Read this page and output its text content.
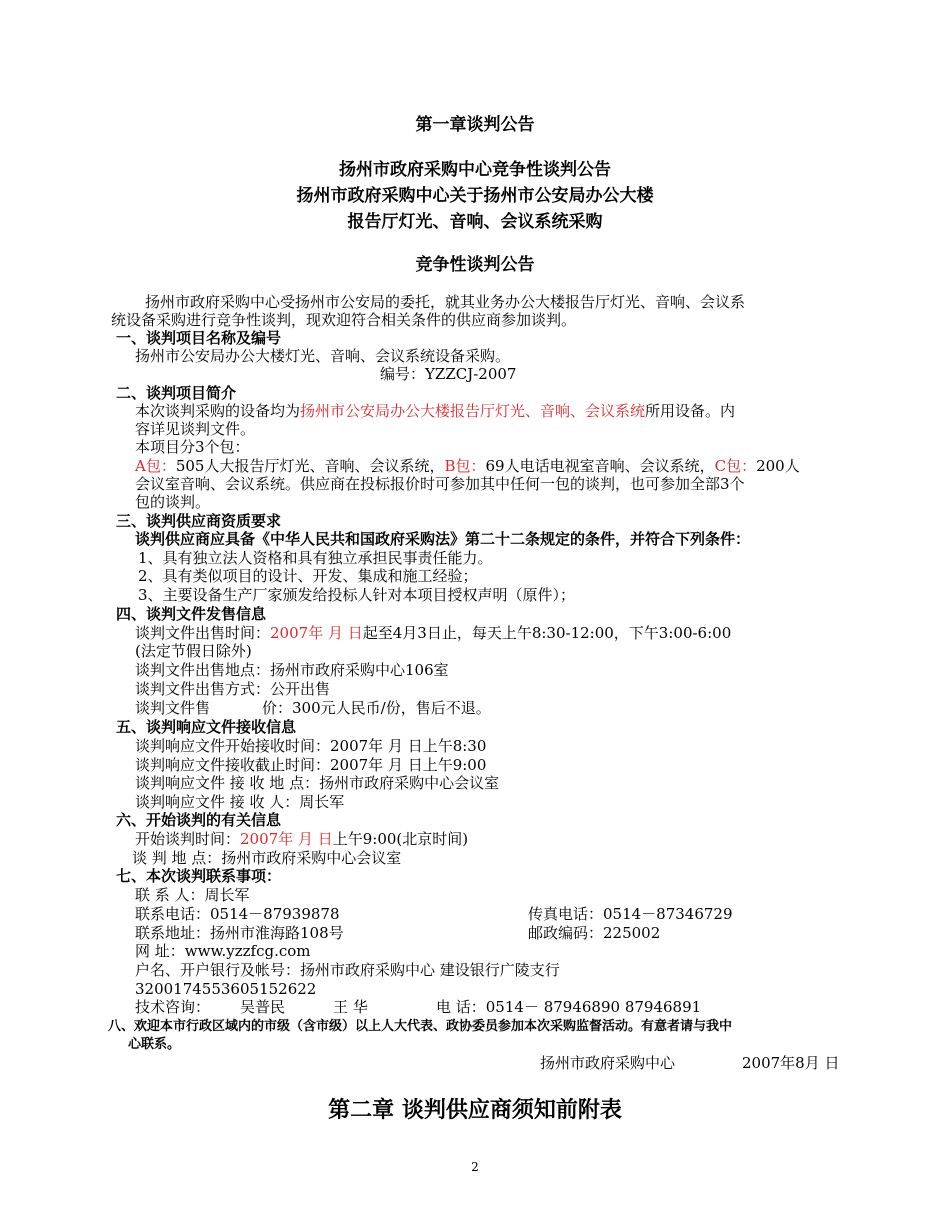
第一章谈判公告
扬州市政府采购中心竞争性谈判公告
扬州市政府采购中心关于扬州市公安局办公大楼
报告厅灯光、音响、会议系统采购
竞争性谈判公告
扬州市政府采购中心受扬州市公安局的委托，就其业务办公大楼报告厅灯光、音响、会议系
统设备采购进行竞争性谈判，现欢迎符合相关条件的供应商参加谈判。
一、谈判项目名称及编号
扬州市公安局办公大楼灯光、音响、会议系统设备采购。
编号：YZZCJ-2007
二、谈判项目简介
本次谈判采购的设备均为扬州市公安局办公大楼报告厅灯光、音响、会议系统所用设备。内
容详见谈判文件。
本项目分3个包：
A包：505人大报告厅灯光、音响、会议系统，B包：69人电话电视室音响、会议系统，C包：200人
会议室音响、会议系统。供应商在投标报价时可参加其中任何一包的谈判，也可参加全部3个
包的谈判。
三、谈判供应商资质要求
谈判供应商应具备《中华人民共和国政府采购法》第二十二条规定的条件，并符合下列条件：
1、具有独立法人资格和具有独立承担民事责任能力。
2、具有类似项目的设计、开发、集成和施工经验；
3、主要设备生产厂家颁发给投标人针对本项目授权声明（原件）；
四、谈判文件发售信息
谈判文件出售时间：2007年 月 日起至4月3日止，每天上午8:30-12:00，下午3:00-6:00
(法定节假日除外)
谈判文件出售地点：扬州市政府采购中心106室
谈判文件出售方式：公开出售
谈判文件售	价：300元人民币/份，售后不退。
五、谈判响应文件接收信息
谈判响应文件开始接收时间：2007年 月 日上午8:30
谈判响应文件接收截止时间：2007年 月 日上午9:00
谈判响应文件 接 收 地 点：扬州市政府采购中心会议室
谈判响应文件 接 收 人：周长军
六、开始谈判的有关信息
开始谈判时间：2007年 月 日上午9:00(北京时间)
谈 判 地 点：扬州市政府采购中心会议室
七、本次谈判联系事项：
联 系 人：周长军
联系电话：0514－87939878	传真电话：0514－87346729
联系地址：扬州市淮海路108号	邮政编码：225002
网 址：www.yzzfcg.com
户名、开户银行及帐号：扬州市政府采购中心 建设银行广陵支行
3200174553605152622
技术咨询： 吴普民	王 华	电 话：0514－ 87946890 87946891
八、欢迎本市行政区域内的市级（含市级）以上人大代表、政协委员参加本次采购监督活动。有意者请与我中
心联系。
扬州市政府采购中心	2007年8月 日
第二章 谈判供应商须知前附表
2
